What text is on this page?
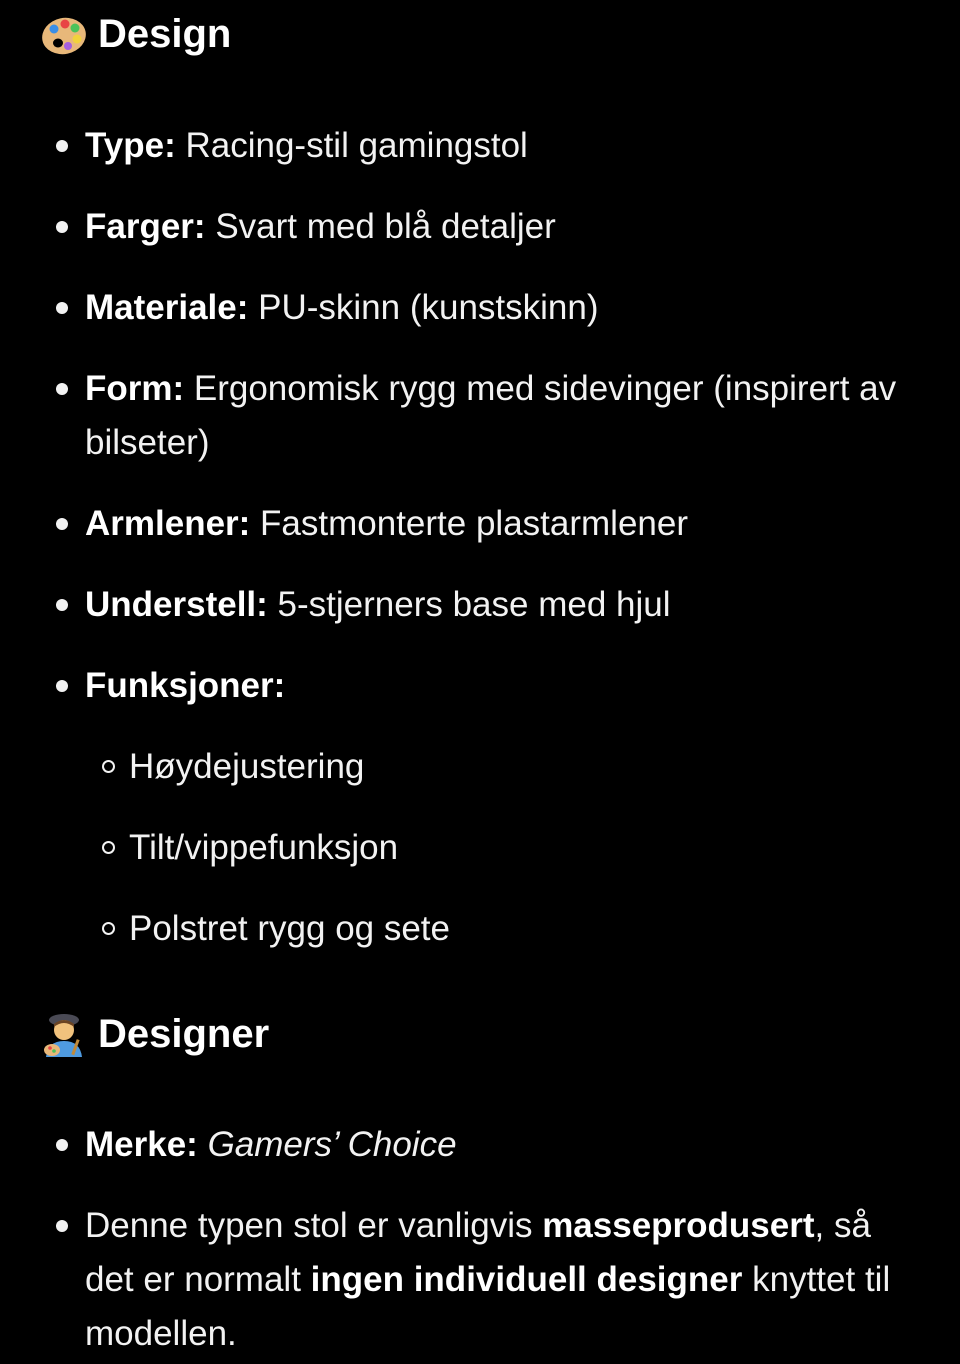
Design
Type: Racing-stil gamingstol
Farger: Svart med blå detaljer
Materiale: PU-skinn (kunstskinn)
Form: Ergonomisk rygg med sidevinger (inspirert av bilseter)
Armlener: Fastmonterte plastarmlener
Understell: 5-stjerners base med hjul
Funksjoner:
Høydejustering
Tilt/vippefunksjon
Polstret rygg og sete
Designer
Merke: Gamers’ Choice
Denne typen stol er vanligvis masseprodusert, så det er normalt ingen individuell designer knyttet til modellen.
